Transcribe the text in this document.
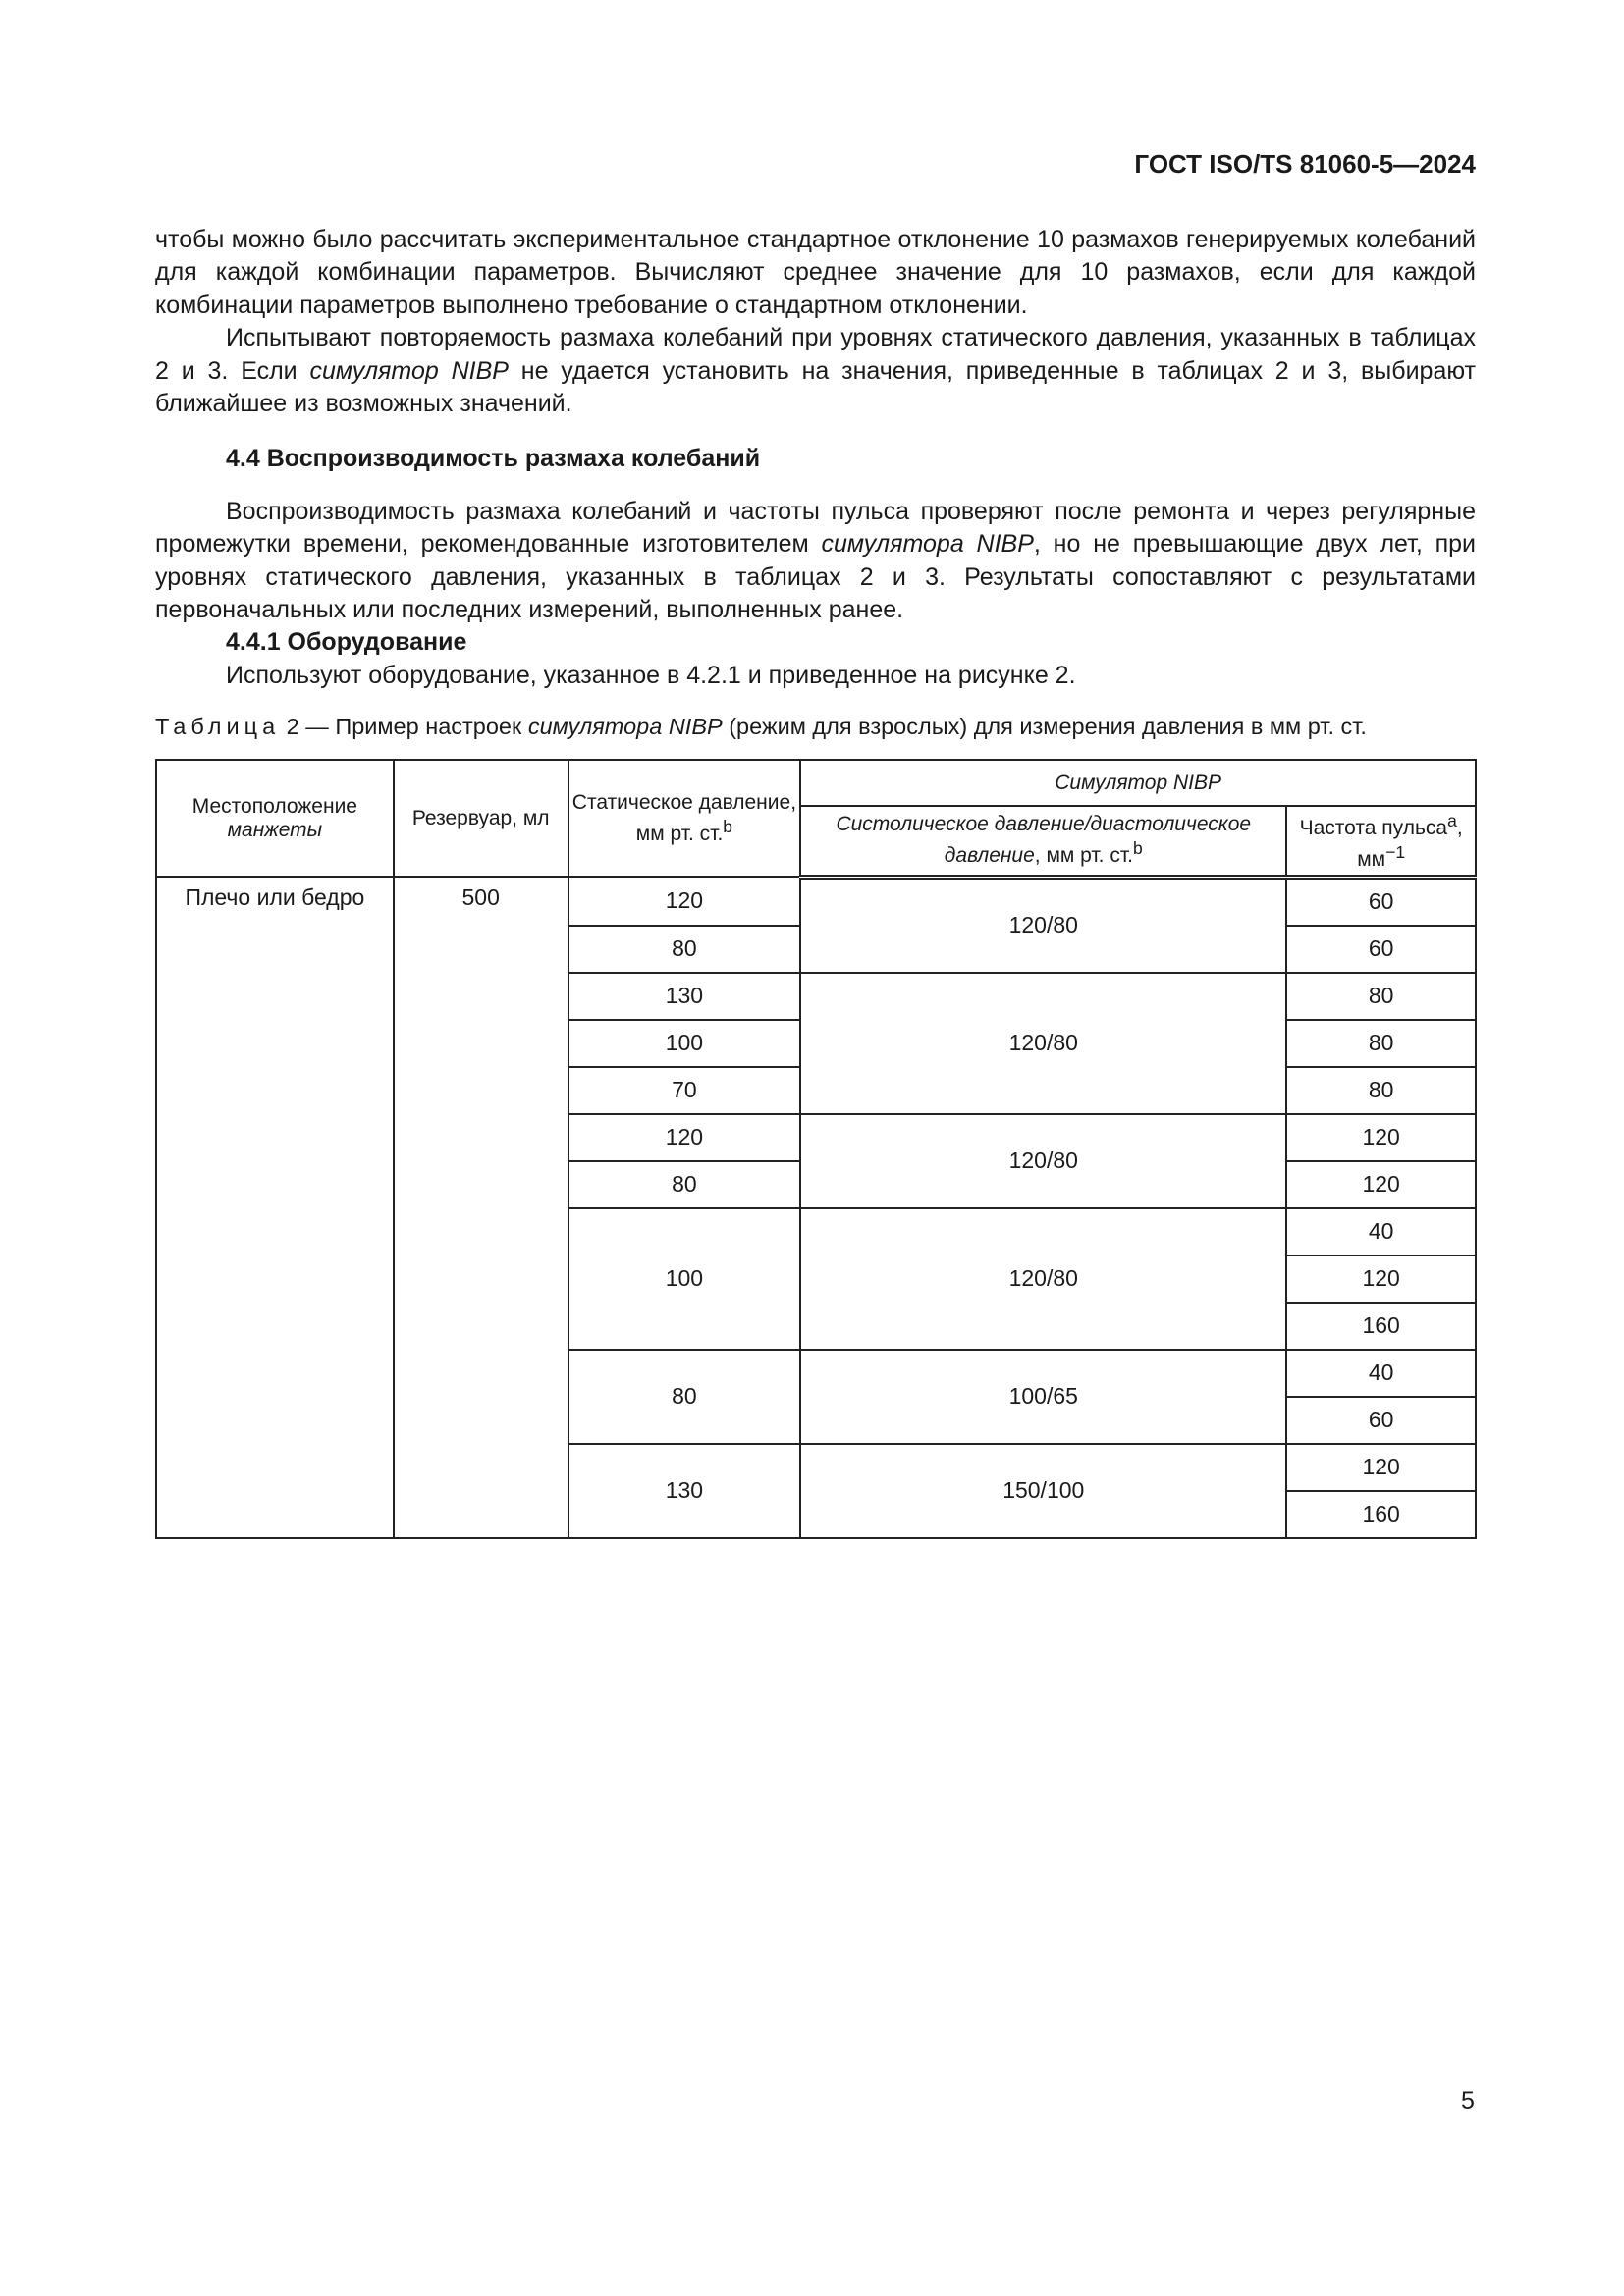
ГОСТ ISO/TS 81060-5—2024

чтобы можно было рассчитать экспериментальное стандартное отклонение 10 размахов генерируемых колебаний для каждой комбинации параметров. Вычисляют среднее значение для 10 размахов, если для каждой комбинации параметров выполнено требование о стандартном отклонении.

Испытывают повторяемость размаха колебаний при уровнях статического давления, указанных в таблицах 2 и 3. Если симулятор NIBP не удается установить на значения, приведенные в таблицах 2 и 3, выбирают ближайшее из возможных значений.

4.4 Воспроизводимость размаха колебаний

Воспроизводимость размаха колебаний и частоты пульса проверяют после ремонта и через регулярные промежутки времени, рекомендованные изготовителем симулятора NIBP, но не превышающие двух лет, при уровнях статического давления, указанных в таблицах 2 и 3. Результаты сопоставляют с результатами первоначальных или последних измерений, выполненных ранее.

4.4.1 Оборудование

Используют оборудование, указанное в 4.2.1 и приведенное на рисунке 2.

Таблица 2 — Пример настроек симулятора NIBP (режим для взрослых) для измерения давления в мм рт. ст.
Местоположение
манжеты	Резервуар, мл	Статическое давление, мм рт. ст.$^b$	Симулятор NIBP	
			Систолическое давление/диастолическое давление, мм рт. ст.$^b$	Частота пульса$^a$, $мм^{-1}$
Плечо или бедро	500	120	120/80	60
		80		60
		130	120/80	80
		100		80
		70		80
		120	120/80	120
		80		120
		100	120/80	40
				120
				160
		80	100/65	40
				60
		130	150/100	120
				160
5
